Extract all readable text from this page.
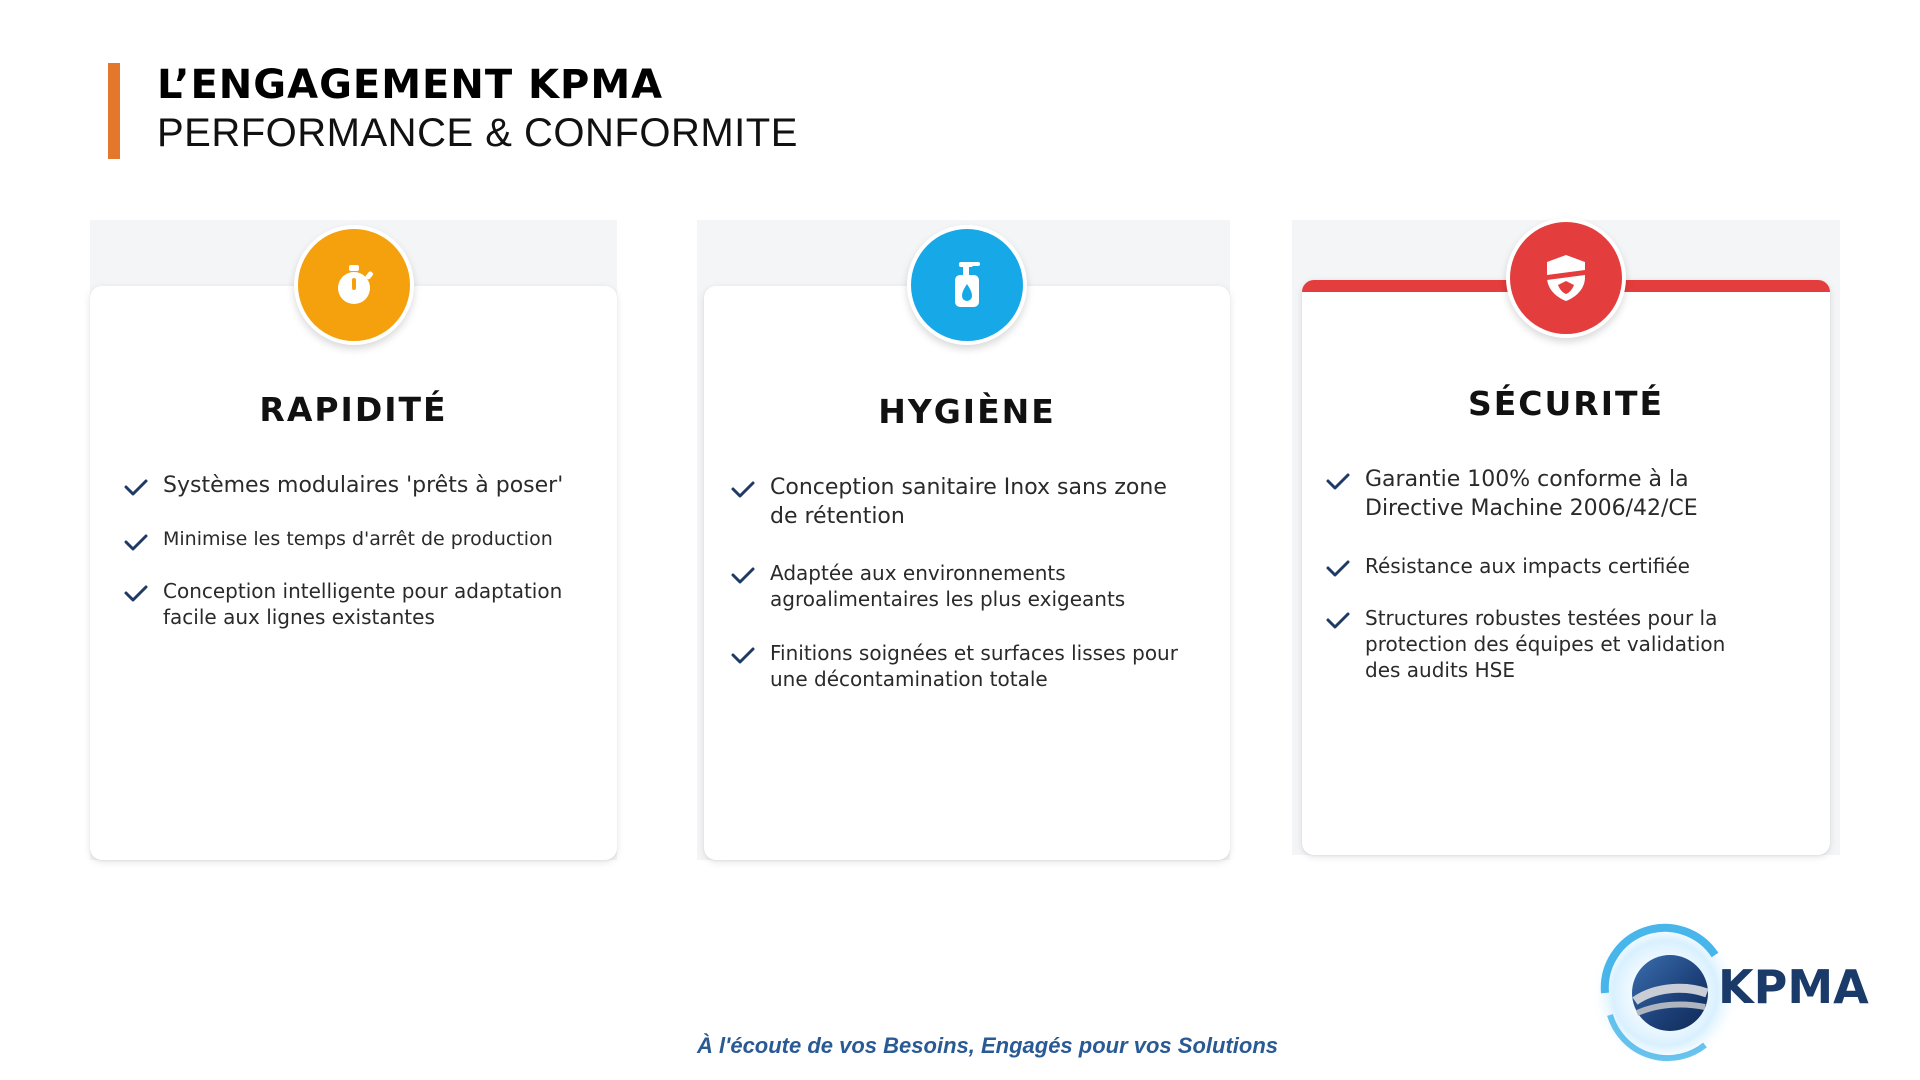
L’ENGAGEMENT KPMA
PERFORMANCE & CONFORMITE
RAPIDITÉ
Systèmes modulaires 'prêts à poser'
Minimise les temps d'arrêt de production
Conception intelligente pour adaptation facile aux lignes existantes
HYGIÈNE
Conception sanitaire Inox sans zone de rétention
Adaptée aux environnements agroalimentaires les plus exigeants
Finitions soignées et surfaces lisses pour une décontamination totale
SÉCURITÉ
Garantie 100% conforme à la Directive Machine 2006/42/CE
Résistance aux impacts certifiée
Structures robustes testées pour la protection des équipes et validation des audits HSE
À l'écoute de vos Besoins, Engagés pour vos Solutions
KPMA
